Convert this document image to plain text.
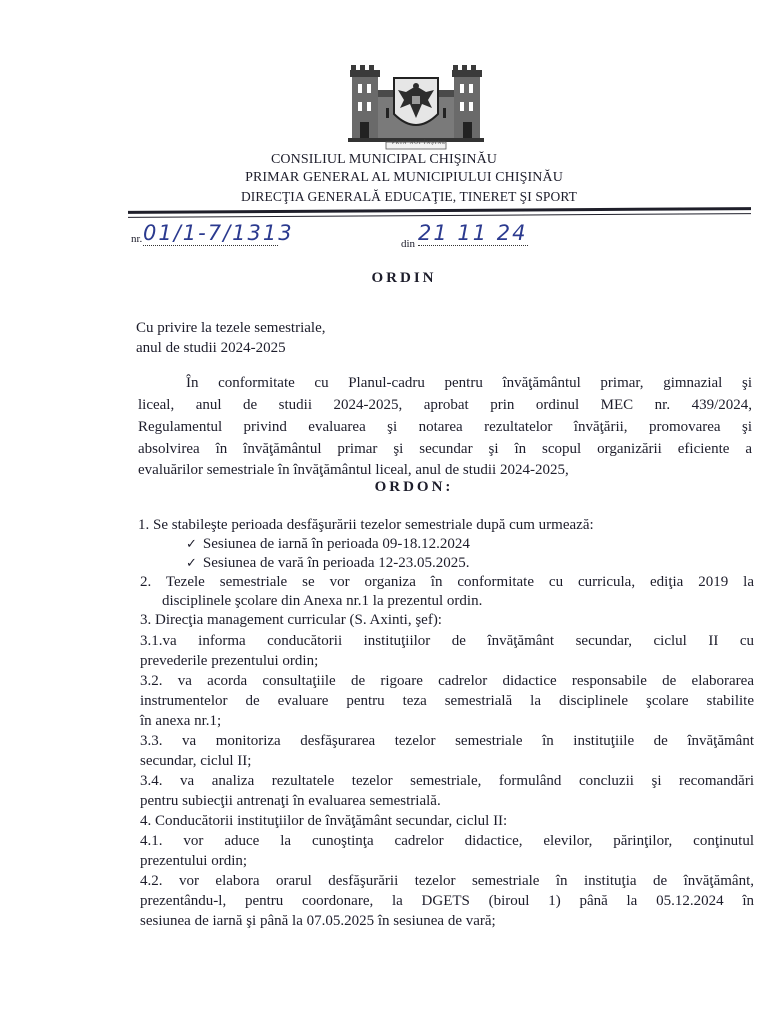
PRIN NOI ÎNŞINE
CONSILIUL MUNICIPAL CHIŞINĂU
PRIMAR GENERAL AL MUNICIPIULUI CHIŞINĂU
DIRECŢIA GENERALĂ EDUCAŢIE, TINERET ŞI SPORT
nr. 01/1-7/1313	din 21 11 24
ORDIN
Cu privire la tezele semestriale,
anul de studii 2024-2025
În conformitate cu Planul-cadru pentru învăţământul primar, gimnazial şi
liceal, anul de studii 2024-2025, aprobat prin ordinul MEC nr. 439/2024,
Regulamentul privind evaluarea şi notarea rezultatelor învăţării, promovarea şi
absolvirea în învăţământul primar şi secundar şi în scopul organizării eficiente a
evaluărilor semestriale în învăţământul liceal, anul de studii 2024-2025,
ORDON:
1. Se stabileşte perioada desfăşurării tezelor semestriale după cum urmează:
✓ Sesiunea de iarnă în perioada 09-18.12.2024
✓ Sesiunea de vară în perioada 12-23.05.2025.
2. Tezele semestriale se vor organiza în conformitate cu curricula, ediţia 2019 la
disciplinele şcolare din Anexa nr.1 la prezentul ordin.
3. Direcţia management curricular (S. Axinti, şef):
3.1.va informa conducătorii instituţiilor de învăţământ secundar, ciclul II cu
prevederile prezentului ordin;
3.2. va acorda consultaţiile de rigoare cadrelor didactice responsabile de elaborarea
instrumentelor de evaluare pentru teza semestrială la disciplinele şcolare stabilite
în anexa nr.1;
3.3. va monitoriza desfăşurarea tezelor semestriale în instituţiile de învăţământ
secundar, ciclul II;
3.4. va analiza rezultatele tezelor semestriale, formulând concluzii şi recomandări
pentru subiecţii antrenaţi în evaluarea semestrială.
4. Conducătorii instituţiilor de învăţământ secundar, ciclul II:
4.1. vor aduce la cunoştinţa cadrelor didactice, elevilor, părinţilor, conţinutul
prezentului ordin;
4.2. vor elabora orarul desfăşurării tezelor semestriale în instituţia de învăţământ,
prezentându-l, pentru coordonare, la DGETS (biroul 1) până la 05.12.2024 în
sesiunea de iarnă şi până la 07.05.2025 în sesiunea de vară;
